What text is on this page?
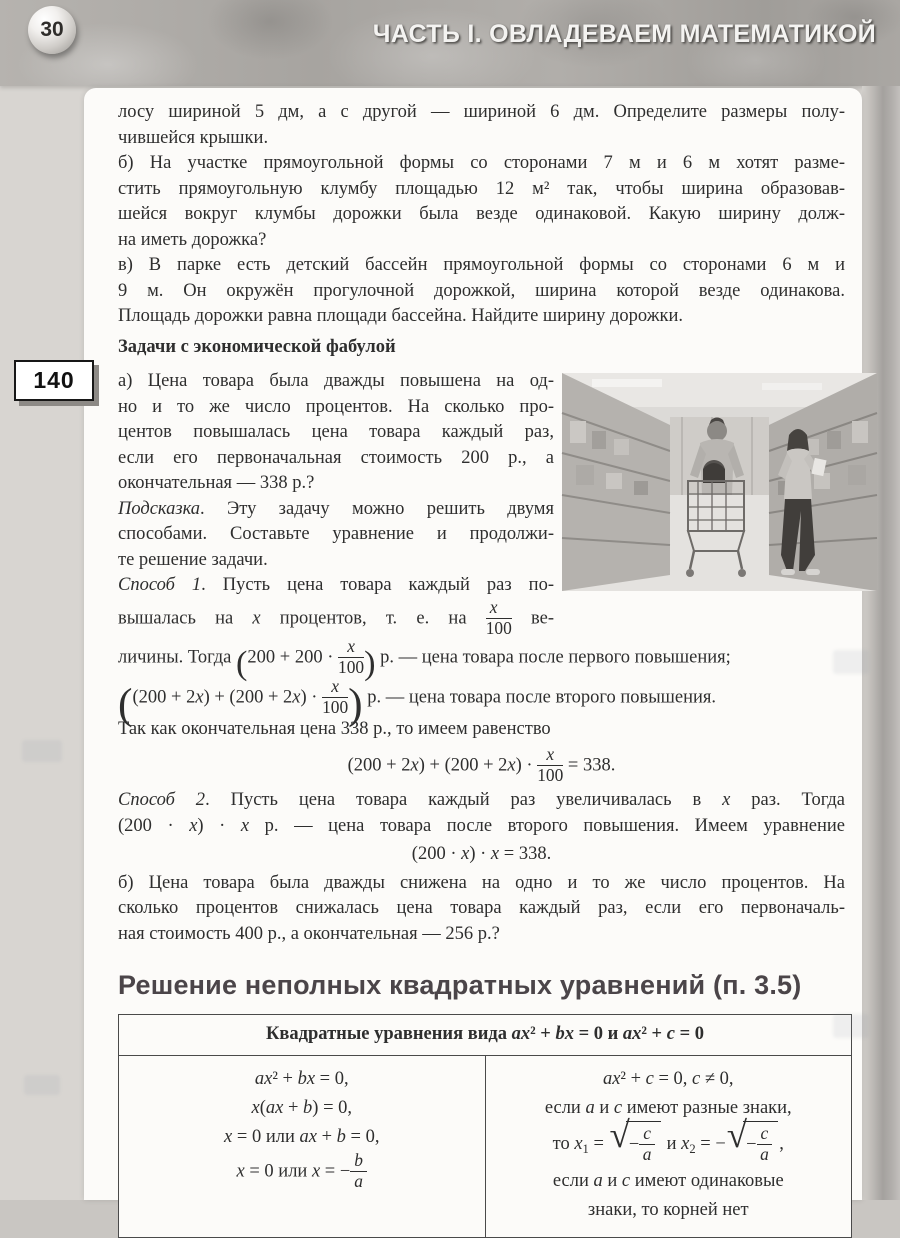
30	ЧАСТЬ I. ОВЛАДЕВАЕМ МАТЕМАТИКОЙ
лосу шириной 5 дм, а с другой — шириной 6 дм. Определите размеры полу-
чившейся крышки.
б) На участке прямоугольной формы со сторонами 7 м и 6 м хотят разме-
стить прямоугольную клумбу площадью 12 м² так, чтобы ширина образовав-
шейся вокруг клумбы дорожки была везде одинаковой. Какую ширину долж-
на иметь дорожка?
в) В парке есть детский бассейн прямоугольной формы со сторонами 6 м и
9 м. Он окружён прогулочной дорожкой, ширина которой везде одинакова.
Площадь дорожки равна площади бассейна. Найдите ширину дорожки.
Задачи с экономической фабулой
а) Цена товара была дважды повышена на од-
но и то же число процентов. На сколько про-
центов повышалась цена товара каждый раз,
если его первоначальная стоимость 200 р., а
окончательная — 338 р.?
Подсказка. Эту задачу можно решить двумя
способами. Составьте уравнение и продолжи-
те решение задачи.
Способ 1. Пусть цена товара каждый раз по-
вышалась на x процентов, т. е. на $\frac{x}{100} ве-$
личины. Тогда ($200 + 200 \cdot \frac{x}{100}$ ) р. — цена товара после первого повышения;
($(200 + 2x) + (200 + 2x) \cdot \frac{x}{100}$ ) р. — цена товара после второго повышения.
Так как окончательная цена 338 р., то имеем равенство
$(200 + 2x) + (200 + 2x) \cdot \frac{x}{100} = 338$.
Способ 2. Пусть цена товара каждый раз увеличивалась в x раз. Тогда
(200 · x) · x р. — цена товара после второго повышения. Имеем уравнение
(200 · x) · x = 338.
б) Цена товара была дважды снижена на одно и то же число процентов. На
сколько процентов снижалась цена товара каждый раз, если его первоначаль-
ная стоимость 400 р., а окончательная — 256 р.?
Решение неполных квадратных уравнений (п. 3.5)
Квадратные уравнения вида ax² + bx = 0 и ax² + c = 0
ax² + bx = 0,
x(ax + b) = 0,
x = 0 или ax + b = 0,
x = 0 или x = − $\frac{b}{a}$
ax² + c = 0, c ≠ 0,
если a и c имеют разные знаки,
то $x_1$ = √ − $\frac{c}{a}$ и $x_2$ = − √ − $\frac{c}{a}$ ,
если a и c имеют одинаковые
знаки, то корней нет
140
